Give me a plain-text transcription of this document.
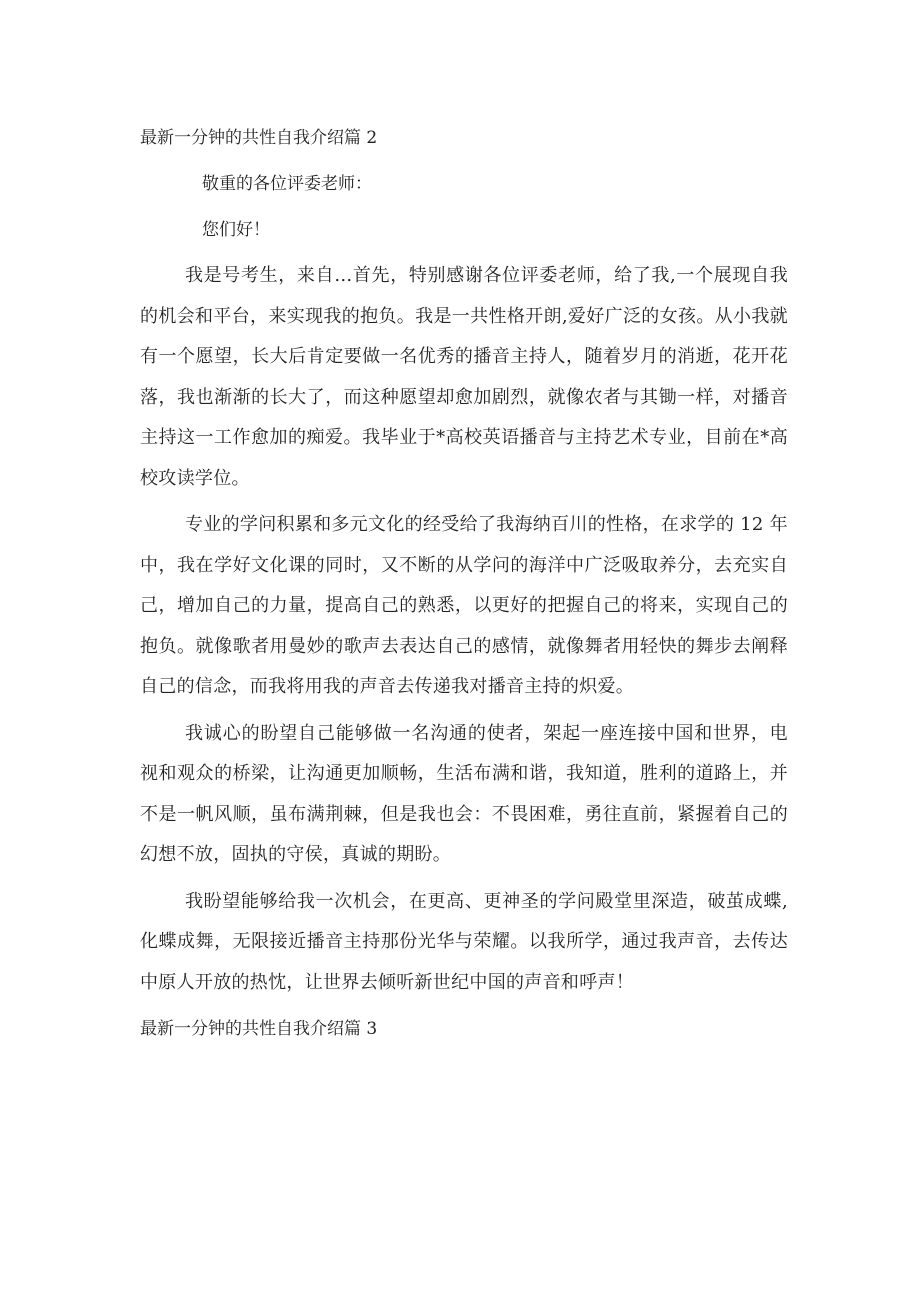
最新一分钟的共性自我介绍篇 2

敬重的各位评委老师：

您们好！

我是号考生，来自…首先，特别感谢各位评委老师，给了我,一个展现自我的机会和平台，来实现我的抱负。我是一共性格开朗,爱好广泛的女孩。从小我就有一个愿望，长大后肯定要做一名优秀的播音主持人，随着岁月的消逝，花开花落，我也渐渐的长大了，而这种愿望却愈加剧烈，就像农者与其锄一样，对播音主持这一工作愈加的痴爱。我毕业于*高校英语播音与主持艺术专业，目前在*高校攻读学位。

专业的学问积累和多元文化的经受给了我海纳百川的性格，在求学的 12 年中，我在学好文化课的同时，又不断的从学问的海洋中广泛吸取养分，去充实自己，增加自己的力量，提高自己的熟悉，以更好的把握自己的将来，实现自己的抱负。就像歌者用曼妙的歌声去表达自己的感情，就像舞者用轻快的舞步去阐释自己的信念，而我将用我的声音去传递我对播音主持的炽爱。

我诚心的盼望自己能够做一名沟通的使者，架起一座连接中国和世界，电视和观众的桥梁，让沟通更加顺畅，生活布满和谐，我知道，胜利的道路上，并不是一帆风顺，虽布满荆棘，但是我也会：不畏困难，勇往直前，紧握着自己的幻想不放，固执的守侯，真诚的期盼。

我盼望能够给我一次机会，在更高、更神圣的学问殿堂里深造，破茧成蝶,化蝶成舞，无限接近播音主持那份光华与荣耀。以我所学，通过我声音，去传达中原人开放的热忱，让世界去倾听新世纪中国的声音和呼声！

最新一分钟的共性自我介绍篇 3
